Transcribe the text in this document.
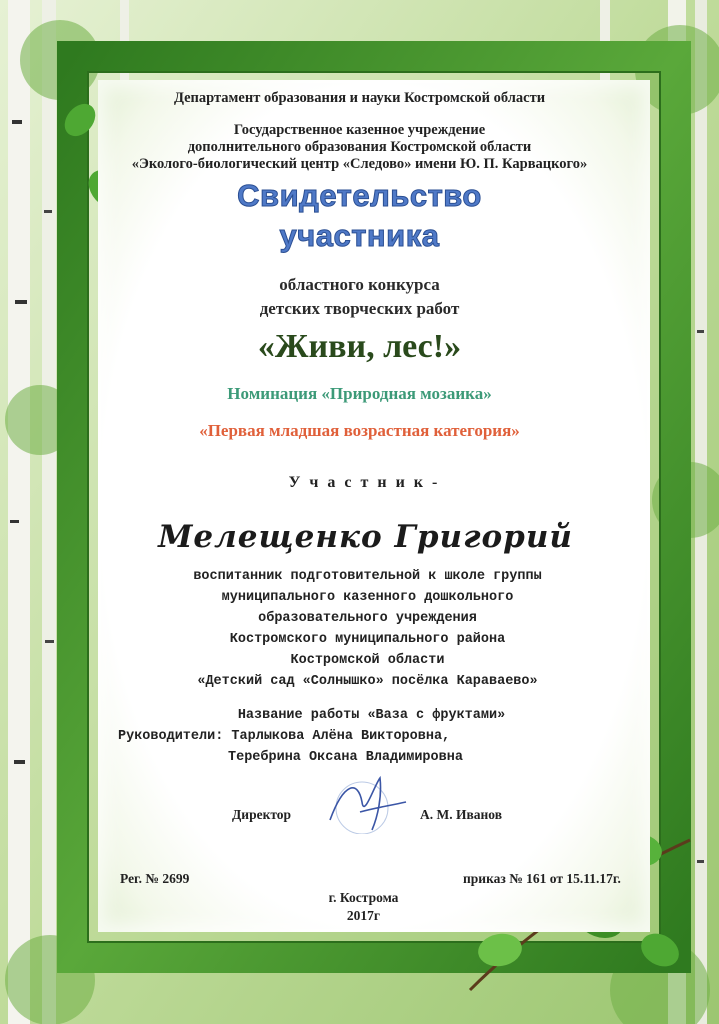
Департамент образования и науки Костромской области
Государственное казенное учреждение
дополнительного образования Костромской области
«Эколого-биологический центр «Следово» имени Ю. П. Карвацкого»
Свидетельство
участника
областного конкурса
детских творческих работ
«Живи, лес!»
Номинация «Природная мозаика»
«Первая младшая возрастная категория»
Участник-
Мелещенко Григорий
воспитанник подготовительной к школе группы
муниципального казенного дошкольного
образовательного учреждения
Костромского муниципального района
Костромской области
«Детский сад «Солнышко» посёлка Караваево»
Название работы «Ваза с фруктами»
Руководители: Тарлыкова Алёна Викторовна,
Теребрина Оксана Владимировна
Директор	А. М. Иванов
Рег. № 2699	приказ № 161 от 15.11.17г.
г. Кострома
2017г
